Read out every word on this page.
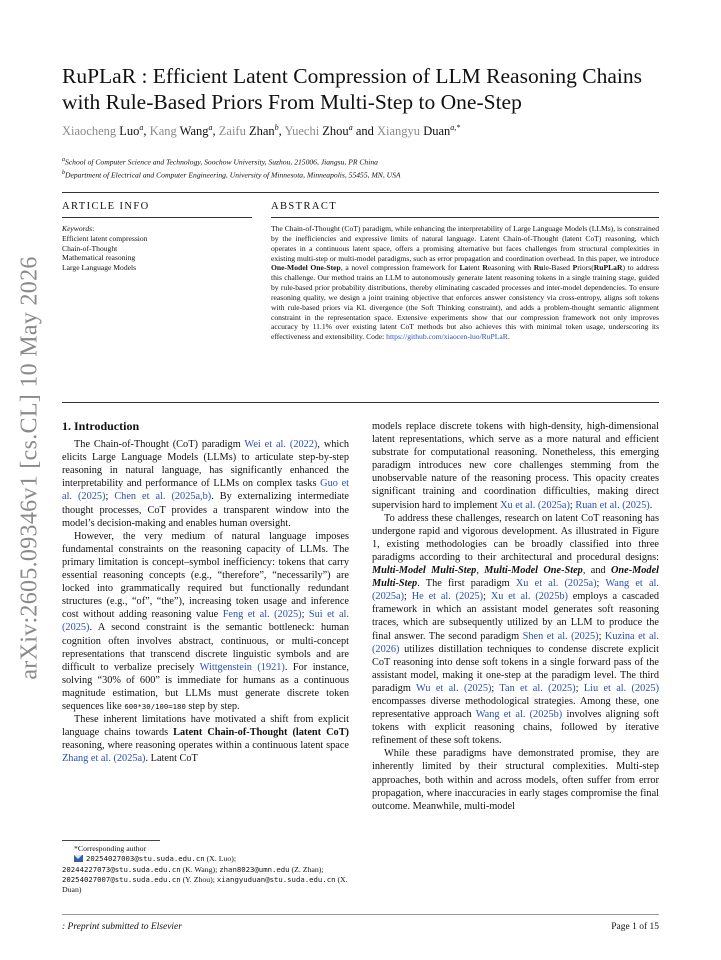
arXiv:2605.09346v1 [cs.CL] 10 May 2026
RuPLaR : Efficient Latent Compression of LLM Reasoning Chains with Rule-Based Priors From Multi-Step to One-Step
Xiaocheng Luo$^a$, Kang Wang$^a$, Zaifu Zhan$^b$, Yuechi Zhou$^a$ and Xiangyu Duan$^{a,*}$
$^a$School of Computer Science and Technology, Soochow University, Suzhou, 215006, Jiangsu, PR China
$^b$Department of Electrical and Computer Engineering, University of Minnesota, Minneapolis, 55455, MN, USA
ARTICLE INFO	ABSTRACT
Keywords:
Efficient latent compression
Chain-of-Thought
Mathematical reasoning
Large Language Models
The Chain-of-Thought (CoT) paradigm, while enhancing the interpretability of Large Language Models (LLMs), is constrained by the inefficiencies and expressive limits of natural language. Latent Chain-of-Thought (latent CoT) reasoning, which operates in a continuous latent space, offers a promising alternative but faces challenges from structural complexities in existing multi-step or multi-model paradigms, such as error propagation and coordination overhead. In this paper, we introduce One-Model One-Step, a novel compression framework for Latent Reasoning with Rule-Based Priors(RuPLaR) to address this challenge. Our method trains an LLM to autonomously generate latent reasoning tokens in a single training stage, guided by rule-based prior probability distributions, thereby eliminating cascaded processes and inter-model dependencies. To ensure reasoning quality, we design a joint training objective that enforces answer consistency via cross-entropy, aligns soft tokens with rule-based priors via KL divergence (the Soft Thinking constraint), and adds a problem-thought semantic alignment constraint in the representation space. Extensive experiments show that our compression framework not only improves accuracy by 11.1% over existing latent CoT methods but also achieves this with minimal token usage, underscoring its effectiveness and extensibility. Code: https://github.com/xiaocen-luo/RuPLaR.
1. Introduction

The Chain-of-Thought (CoT) paradigm Wei et al. (2022), which elicits Large Language Models (LLMs) to articulate step-by-step reasoning in natural language, has significantly enhanced the interpretability and performance of LLMs on complex tasks Guo et al. (2025); Chen et al. (2025a,b). By externalizing intermediate thought processes, CoT provides a transparent window into the model’s decision-making and enables human oversight.

However, the very medium of natural language imposes fundamental constraints on the reasoning capacity of LLMs. The primary limitation is concept–symbol inefficiency: tokens that carry essential reasoning concepts (e.g., “therefore”, “necessarily”) are locked into grammatically required but functionally redundant structures (e.g., “of”, “the”), increasing token usage and inference cost without adding reasoning value Feng et al. (2025); Sui et al. (2025). A second constraint is the semantic bottleneck: human cognition often involves abstract, continuous, or multi-concept representations that transcend discrete linguistic symbols and are difficult to verbalize precisely Wittgenstein (1921). For instance, solving “30% of 600” is immediate for humans as a continuous magnitude estimation, but LLMs must generate discrete token sequences like 600*30/100=180 step by step.

These inherent limitations have motivated a shift from explicit language chains towards Latent Chain-of-Thought (latent CoT) reasoning, where reasoning operates within a continuous latent space Zhang et al. (2025a). Latent CoT

*Corresponding author
20254027003@stu.suda.edu.cn (X. Luo);
20244227073@stu.suda.edu.cn (K. Wang); zhan8023@umn.edu (Z. Zhan); 20254027007@stu.suda.edu.cn (Y. Zhou); xiangyuduan@stu.suda.edu.cn (X. Duan)

models replace discrete tokens with high-density, high-dimensional latent representations, which serve as a more natural and efficient substrate for computational reasoning. Nonetheless, this emerging paradigm introduces new core challenges stemming from the unobservable nature of the reasoning process. This opacity creates significant training and coordination difficulties, making direct supervision hard to implement Xu et al. (2025a); Ruan et al. (2025).

To address these challenges, research on latent CoT reasoning has undergone rapid and vigorous development. As illustrated in Figure 1, existing methodologies can be broadly classified into three paradigms according to their architectural and procedural designs: Multi-Model Multi-Step, Multi-Model One-Step, and One-Model Multi-Step. The first paradigm Xu et al. (2025a); Wang et al. (2025a); He et al. (2025); Xu et al. (2025b) employs a cascaded framework in which an assistant model generates soft reasoning traces, which are subsequently utilized by an LLM to produce the final answer. The second paradigm Shen et al. (2025); Kuzina et al. (2026) utilizes distillation techniques to condense discrete explicit CoT reasoning into dense soft tokens in a single forward pass of the assistant model, making it one-step at the paradigm level. The third paradigm Wu et al. (2025); Tan et al. (2025); Liu et al. (2025) encompasses diverse methodological strategies. Among these, one representative approach Wang et al. (2025b) involves aligning soft tokens with explicit reasoning chains, followed by iterative refinement of these soft tokens.

While these paradigms have demonstrated promise, they are inherently limited by their structural complexities. Multi-step approaches, both within and across models, often suffer from error propagation, where inaccuracies in early stages compromise the final outcome. Meanwhile, multi-model

: Preprint submitted to Elsevier	Page 1 of 15
